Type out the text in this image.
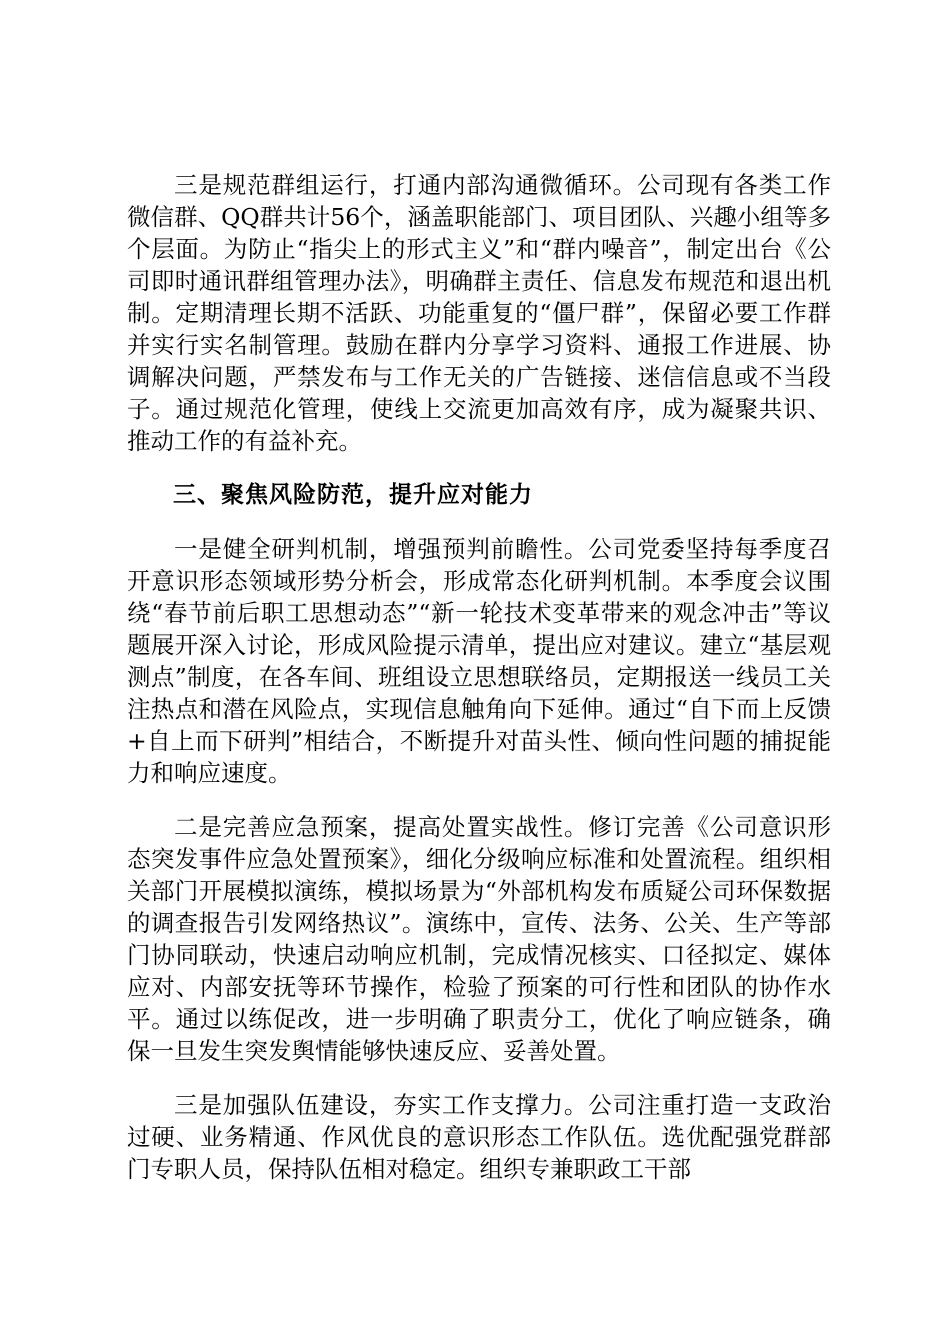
三是规范群组运行，打通内部沟通微循环。公司现有各类工作微信群、QQ群共计56个，涵盖职能部门、项目团队、兴趣小组等多个层面。为防止“指尖上的形式主义”和“群内噪音”，制定出台《公司即时通讯群组管理办法》，明确群主责任、信息发布规范和退出机制。定期清理长期不活跃、功能重复的“僵尸群”，保留必要工作群并实行实名制管理。鼓励在群内分享学习资料、通报工作进展、协调解决问题，严禁发布与工作无关的广告链接、迷信信息或不当段子。通过规范化管理，使线上交流更加高效有序，成为凝聚共识、推动工作的有益补充。

三、聚焦风险防范，提升应对能力

一是健全研判机制，增强预判前瞻性。公司党委坚持每季度召开意识形态领域形势分析会，形成常态化研判机制。本季度会议围绕“春节前后职工思想动态”“新一轮技术变革带来的观念冲击”等议题展开深入讨论，形成风险提示清单，提出应对建议。建立“基层观测点”制度，在各车间、班组设立思想联络员，定期报送一线员工关注热点和潜在风险点，实现信息触角向下延伸。通过“自下而上反馈+自上而下研判”相结合，不断提升对苗头性、倾向性问题的捕捉能力和响应速度。

二是完善应急预案，提高处置实战性。修订完善《公司意识形态突发事件应急处置预案》，细化分级响应标准和处置流程。组织相关部门开展模拟演练，模拟场景为“外部机构发布质疑公司环保数据的调查报告引发网络热议”。演练中，宣传、法务、公关、生产等部门协同联动，快速启动响应机制，完成情况核实、口径拟定、媒体应对、内部安抚等环节操作，检验了预案的可行性和团队的协作水平。通过以练促改，进一步明确了职责分工，优化了响应链条，确保一旦发生突发舆情能够快速反应、妥善处置。

三是加强队伍建设，夯实工作支撑力。公司注重打造一支政治过硬、业务精通、作风优良的意识形态工作队伍。选优配强党群部门专职人员，保持队伍相对稳定。组织专兼职政工干部
